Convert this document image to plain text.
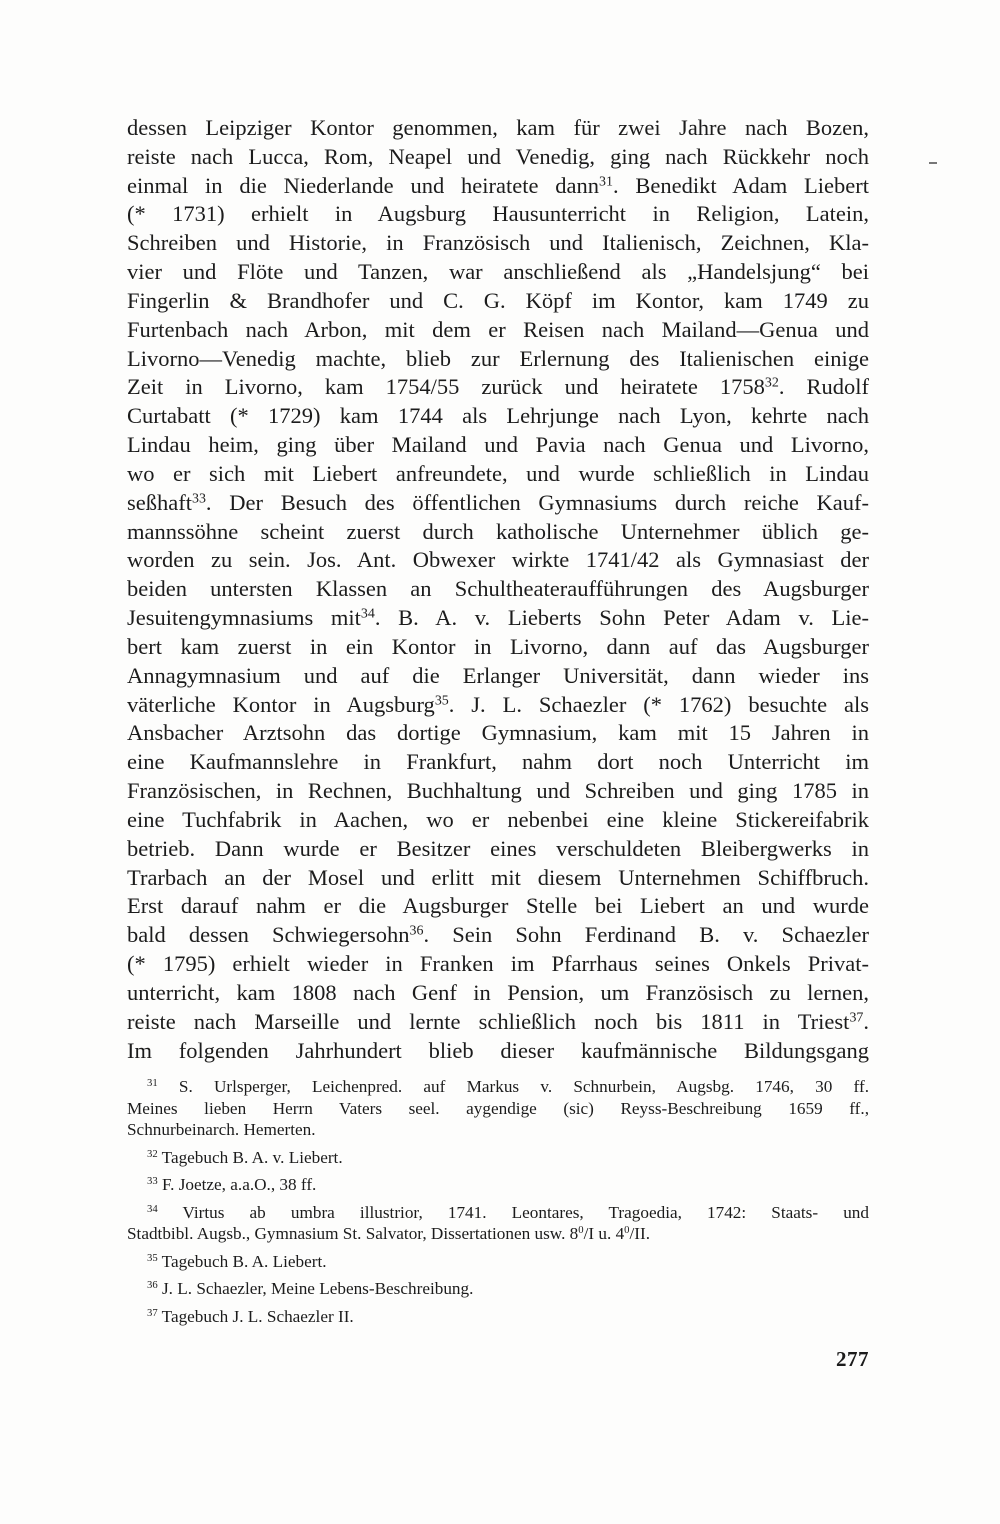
dessen Leipziger Kontor genommen, kam für zwei Jahre nach Bozen,
reiste nach Lucca, Rom, Neapel und Venedig, ging nach Rückkehr noch
einmal in die Niederlande und heiratete dann$^{31}$. Benedikt Adam Liebert
(* 1731) erhielt in Augsburg Hausunterricht in Religion, Latein,
Schreiben und Historie, in Französisch und Italienisch, Zeichnen, Kla-
vier und Flöte und Tanzen, war anschließend als „Handelsjung“ bei
Fingerlin & Brandhofer und C. G. Köpf im Kontor, kam 1749 zu
Furtenbach nach Arbon, mit dem er Reisen nach Mailand—Genua und
Livorno—Venedig machte, blieb zur Erlernung des Italienischen einige
Zeit in Livorno, kam 1754/55 zurück und heiratete 1758$^{32}$. Rudolf
Curtabatt (* 1729) kam 1744 als Lehrjunge nach Lyon, kehrte nach
Lindau heim, ging über Mailand und Pavia nach Genua und Livorno,
wo er sich mit Liebert anfreundete, und wurde schließlich in Lindau
seßhaft$^{33}$. Der Besuch des öffentlichen Gymnasiums durch reiche Kauf-
mannssöhne scheint zuerst durch katholische Unternehmer üblich ge-
worden zu sein. Jos. Ant. Obwexer wirkte 1741/42 als Gymnasiast der
beiden untersten Klassen an Schultheateraufführungen des Augsburger
Jesuitengymnasiums mit$^{34}$. B. A. v. Lieberts Sohn Peter Adam v. Lie-
bert kam zuerst in ein Kontor in Livorno, dann auf das Augsburger
Annagymnasium und auf die Erlanger Universität, dann wieder ins
väterliche Kontor in Augsburg$^{35}$. J. L. Schaezler (* 1762) besuchte als
Ansbacher Arztsohn das dortige Gymnasium, kam mit 15 Jahren in
eine Kaufmannslehre in Frankfurt, nahm dort noch Unterricht im
Französischen, in Rechnen, Buchhaltung und Schreiben und ging 1785 in
eine Tuchfabrik in Aachen, wo er nebenbei eine kleine Stickereifabrik
betrieb. Dann wurde er Besitzer eines verschuldeten Bleibergwerks in
Trarbach an der Mosel und erlitt mit diesem Unternehmen Schiffbruch.
Erst darauf nahm er die Augsburger Stelle bei Liebert an und wurde
bald dessen Schwiegersohn$^{36}$. Sein Sohn Ferdinand B. v. Schaezler
(* 1795) erhielt wieder in Franken im Pfarrhaus seines Onkels Privat-
unterricht, kam 1808 nach Genf in Pension, um Französisch zu lernen,
reiste nach Marseille und lernte schließlich noch bis 1811 in Triest$^{37}$.
Im folgenden Jahrhundert blieb dieser kaufmännische Bildungsgang
$^{31}$ S. Urlsperger, Leichenpred. auf Markus v. Schnurbein, Augsbg. 1746, 30 ff.
Meines lieben Herrn Vaters seel. aygendige (sic) Reyss-Beschreibung 1659 ff.,
Schnurbeinarch. Hemerten.
$^{32}$ Tagebuch B. A. v. Liebert.
$^{33}$ F. Joetze, a.a.O., 38 ff.
$^{34}$ Virtus ab umbra illustrior, 1741. Leontares, Tragoedia, 1742: Staats- und
Stadtbibl. Augsb., Gymnasium St. Salvator, Dissertationen usw. $8^0/I$ u. $4^0/II$.
$^{35}$ Tagebuch B. A. Liebert.
$^{36}$ J. L. Schaezler, Meine Lebens-Beschreibung.
$^{37}$ Tagebuch J. L. Schaezler II.
277
